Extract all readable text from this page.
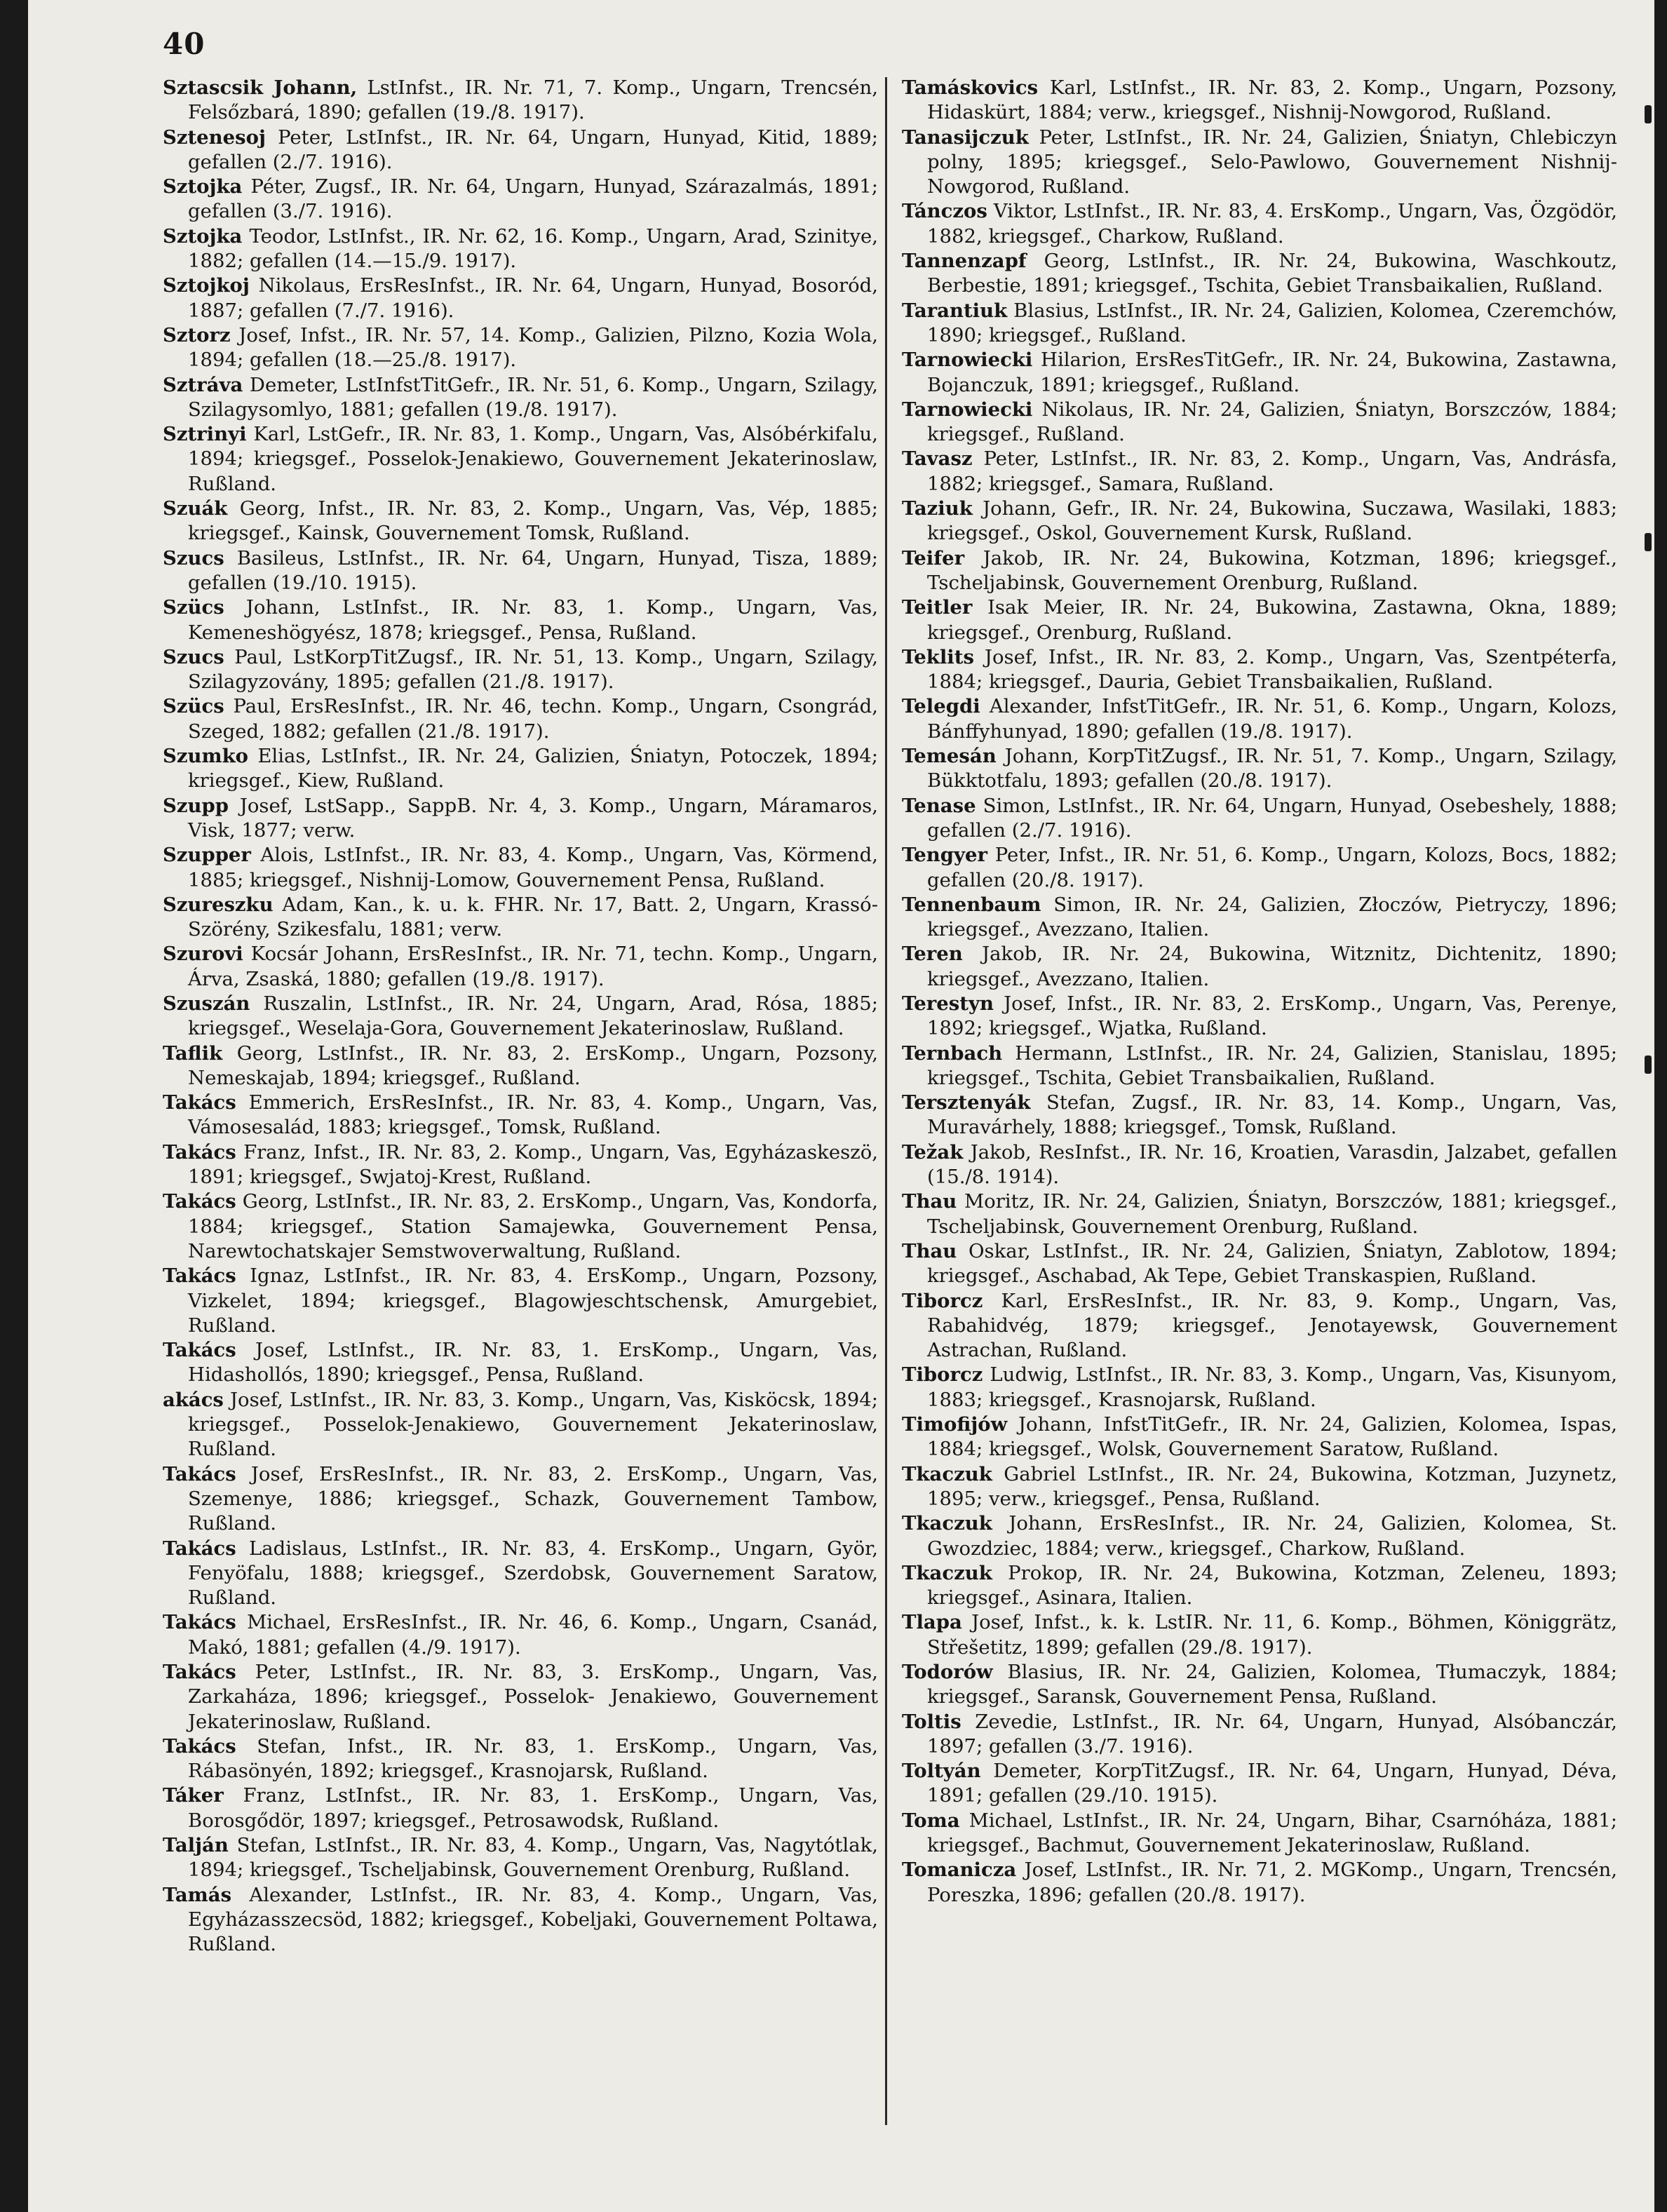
40

Sztascsik Johann, LstInfst., IR. Nr. 71, 7. Komp., Ungarn, Trencsén, Felsőzbará, 1890; gefallen (19./8. 1917).

Sztenesoj Peter, LstInfst., IR. Nr. 64, Ungarn, Hunyad, Kitid, 1889; gefallen (2./7. 1916).

Sztojka Péter, Zugsf., IR. Nr. 64, Ungarn, Hunyad, Szárazalmás, 1891; gefallen (3./7. 1916).

Sztojka Teodor, LstInfst., IR. Nr. 62, 16. Komp., Ungarn, Arad, Szinitye, 1882; gefallen (14.—15./9. 1917).

Sztojkoj Nikolaus, ErsResInfst., IR. Nr. 64, Ungarn, Hunyad, Bosoród, 1887; gefallen (7./7. 1916).

Sztorz Josef, Infst., IR. Nr. 57, 14. Komp., Galizien, Pilzno, Kozia Wola, 1894; gefallen (18.—25./8. 1917).

Sztráva Demeter, LstInfstTitGefr., IR. Nr. 51, 6. Komp., Ungarn, Szilagy, Szilagysomlyo, 1881; gefallen (19./8. 1917).

Sztrinyi Karl, LstGefr., IR. Nr. 83, 1. Komp., Ungarn, Vas, Alsóbérkifalu, 1894; kriegsgef., Posselok-Jenakiewo, Gouvernement Jekaterinoslaw, Rußland.

Szuák Georg, Infst., IR. Nr. 83, 2. Komp., Ungarn, Vas, Vép, 1885; kriegsgef., Kainsk, Gouvernement Tomsk, Rußland.

Szucs Basileus, LstInfst., IR. Nr. 64, Ungarn, Hunyad, Tisza, 1889; gefallen (19./10. 1915).

Szücs Johann, LstInfst., IR. Nr. 83, 1. Komp., Ungarn, Vas, Kemeneshögyész, 1878; kriegsgef., Pensa, Rußland.

Szucs Paul, LstKorpTitZugsf., IR. Nr. 51, 13. Komp., Ungarn, Szilagy, Szilagyzovány, 1895; gefallen (21./8. 1917).

Szücs Paul, ErsResInfst., IR. Nr. 46, techn. Komp., Ungarn, Csongrád, Szeged, 1882; gefallen (21./8. 1917).

Szumko Elias, LstInfst., IR. Nr. 24, Galizien, Śniatyn, Potoczek, 1894; kriegsgef., Kiew, Rußland.

Szupp Josef, LstSapp., SappB. Nr. 4, 3. Komp., Ungarn, Máramaros, Visk, 1877; verw.

Szupper Alois, LstInfst., IR. Nr. 83, 4. Komp., Ungarn, Vas, Körmend, 1885; kriegsgef., Nishnij-Lomow, Gouvernement Pensa, Rußland.

Szureszku Adam, Kan., k. u. k. FHR. Nr. 17, Batt. 2, Ungarn, Krassó-Szörény, Szikesfalu, 1881; verw.

Szurovi Kocsár Johann, ErsResInfst., IR. Nr. 71, techn. Komp., Ungarn, Árva, Zsaská, 1880; gefallen (19./8. 1917).

Szuszán Ruszalin, LstInfst., IR. Nr. 24, Ungarn, Arad, Rósa, 1885; kriegsgef., Weselaja-Gora, Gouvernement Jekaterinoslaw, Rußland.

Taflik Georg, LstInfst., IR. Nr. 83, 2. ErsKomp., Ungarn, Pozsony, Nemeskajab, 1894; kriegsgef., Rußland.

Takács Emmerich, ErsResInfst., IR. Nr. 83, 4. Komp., Ungarn, Vas, Vámosesalád, 1883; kriegsgef., Tomsk, Rußland.

Takács Franz, Infst., IR. Nr. 83, 2. Komp., Ungarn, Vas, Egyházaskeszö, 1891; kriegsgef., Swjatoj-Krest, Rußland.

Takács Georg, LstInfst., IR. Nr. 83, 2. ErsKomp., Ungarn, Vas, Kondorfa, 1884; kriegsgef., Station Samajewka, Gouvernement Pensa, Narewtochatskajer Semstwoverwaltung, Rußland.

Takács Ignaz, LstInfst., IR. Nr. 83, 4. ErsKomp., Ungarn, Pozsony, Vizkelet, 1894; kriegsgef., Blagowjeschtschensk, Amurgebiet, Rußland.

Takács Josef, LstInfst., IR. Nr. 83, 1. ErsKomp., Ungarn, Vas, Hidashollós, 1890; kriegsgef., Pensa, Rußland.

akács Josef, LstInfst., IR. Nr. 83, 3. Komp., Ungarn, Vas, Kisköcsk, 1894; kriegsgef., Posselok-Jenakiewo, Gouvernement Jekaterinoslaw, Rußland.

Takács Josef, ErsResInfst., IR. Nr. 83, 2. ErsKomp., Ungarn, Vas, Szemenye, 1886; kriegsgef., Schazk, Gouvernement Tambow, Rußland.

Takács Ladislaus, LstInfst., IR. Nr. 83, 4. ErsKomp., Ungarn, Györ, Fenyöfalu, 1888; kriegsgef., Szerdobsk, Gouvernement Saratow, Rußland.

Takács Michael, ErsResInfst., IR. Nr. 46, 6. Komp., Ungarn, Csanád, Makó, 1881; gefallen (4./9. 1917).

Takács Peter, LstInfst., IR. Nr. 83, 3. ErsKomp., Ungarn, Vas, Zarkaháza, 1896; kriegsgef., Posselok- Jenakiewo, Gouvernement Jekaterinoslaw, Rußland.

Takács Stefan, Infst., IR. Nr. 83, 1. ErsKomp., Ungarn, Vas, Rábasönyén, 1892; kriegsgef., Krasnojarsk, Rußland.

Táker Franz, LstInfst., IR. Nr. 83, 1. ErsKomp., Ungarn, Vas, Borosgődör, 1897; kriegsgef., Petrosawodsk, Rußland.

Talján Stefan, LstInfst., IR. Nr. 83, 4. Komp., Ungarn, Vas, Nagytótlak, 1894; kriegsgef., Tscheljabinsk, Gouvernement Orenburg, Rußland.

Tamás Alexander, LstInfst., IR. Nr. 83, 4. Komp., Ungarn, Vas, Egyházasszecsöd, 1882; kriegsgef., Kobeljaki, Gouvernement Poltawa, Rußland.

Tamáskovics Karl, LstInfst., IR. Nr. 83, 2. Komp., Ungarn, Pozsony, Hidaskürt, 1884; verw., kriegsgef., Nishnij-Nowgorod, Rußland.

Tanasijczuk Peter, LstInfst., IR. Nr. 24, Galizien, Śniatyn, Chlebiczyn polny, 1895; kriegsgef., Selo-Pawlowo, Gouvernement Nishnij-Nowgorod, Rußland.

Tánczos Viktor, LstInfst., IR. Nr. 83, 4. ErsKomp., Ungarn, Vas, Özgödör, 1882, kriegsgef., Charkow, Rußland.

Tannenzapf Georg, LstInfst., IR. Nr. 24, Bukowina, Waschkoutz, Berbestie, 1891; kriegsgef., Tschita, Gebiet Transbaikalien, Rußland.

Tarantiuk Blasius, LstInfst., IR. Nr. 24, Galizien, Kolomea, Czeremchów, 1890; kriegsgef., Rußland.

Tarnowiecki Hilarion, ErsResTitGefr., IR. Nr. 24, Bukowina, Zastawna, Bojanczuk, 1891; kriegsgef., Rußland.

Tarnowiecki Nikolaus, IR. Nr. 24, Galizien, Śniatyn, Borszczów, 1884; kriegsgef., Rußland.

Tavasz Peter, LstInfst., IR. Nr. 83, 2. Komp., Ungarn, Vas, Andrásfa, 1882; kriegsgef., Samara, Rußland.

Taziuk Johann, Gefr., IR. Nr. 24, Bukowina, Suczawa, Wasilaki, 1883; kriegsgef., Oskol, Gouvernement Kursk, Rußland.

Teifer Jakob, IR. Nr. 24, Bukowina, Kotzman, 1896; kriegsgef., Tscheljabinsk, Gouvernement Orenburg, Rußland.

Teitler Isak Meier, IR. Nr. 24, Bukowina, Zastawna, Okna, 1889; kriegsgef., Orenburg, Rußland.

Teklits Josef, Infst., IR. Nr. 83, 2. Komp., Ungarn, Vas, Szentpéterfa, 1884; kriegsgef., Dauria, Gebiet Transbaikalien, Rußland.

Telegdi Alexander, InfstTitGefr., IR. Nr. 51, 6. Komp., Ungarn, Kolozs, Bánffyhunyad, 1890; gefallen (19./8. 1917).

Temesán Johann, KorpTitZugsf., IR. Nr. 51, 7. Komp., Ungarn, Szilagy, Bükktotfalu, 1893; gefallen (20./8. 1917).

Tenase Simon, LstInfst., IR. Nr. 64, Ungarn, Hunyad, Osebeshely, 1888; gefallen (2./7. 1916).

Tengyer Peter, Infst., IR. Nr. 51, 6. Komp., Ungarn, Kolozs, Bocs, 1882; gefallen (20./8. 1917).

Tennenbaum Simon, IR. Nr. 24, Galizien, Złoczów, Pietryczy, 1896; kriegsgef., Avezzano, Italien.

Teren Jakob, IR. Nr. 24, Bukowina, Witznitz, Dichtenitz, 1890; kriegsgef., Avezzano, Italien.

Terestyn Josef, Infst., IR. Nr. 83, 2. ErsKomp., Ungarn, Vas, Perenye, 1892; kriegsgef., Wjatka, Rußland.

Ternbach Hermann, LstInfst., IR. Nr. 24, Galizien, Stanislau, 1895; kriegsgef., Tschita, Gebiet Transbaikalien, Rußland.

Tersztenyák Stefan, Zugsf., IR. Nr. 83, 14. Komp., Ungarn, Vas, Muravárhely, 1888; kriegsgef., Tomsk, Rußland.

Težak Jakob, ResInfst., IR. Nr. 16, Kroatien, Varasdin, Jalzabet, gefallen (15./8. 1914).

Thau Moritz, IR. Nr. 24, Galizien, Śniatyn, Borszczów, 1881; kriegsgef., Tscheljabinsk, Gouvernement Orenburg, Rußland.

Thau Oskar, LstInfst., IR. Nr. 24, Galizien, Śniatyn, Zablotow, 1894; kriegsgef., Aschabad, Ak Tepe, Gebiet Transkaspien, Rußland.

Tiborcz Karl, ErsResInfst., IR. Nr. 83, 9. Komp., Ungarn, Vas, Rabahidvég, 1879; kriegsgef., Jenotayewsk, Gouvernement Astrachan, Rußland.

Tiborcz Ludwig, LstInfst., IR. Nr. 83, 3. Komp., Ungarn, Vas, Kisunyom, 1883; kriegsgef., Krasnojarsk, Rußland.

Timofijów Johann, InfstTitGefr., IR. Nr. 24, Galizien, Kolomea, Ispas, 1884; kriegsgef., Wolsk, Gouvernement Saratow, Rußland.

Tkaczuk Gabriel LstInfst., IR. Nr. 24, Bukowina, Kotzman, Juzynetz, 1895; verw., kriegsgef., Pensa, Rußland.

Tkaczuk Johann, ErsResInfst., IR. Nr. 24, Galizien, Kolomea, St. Gwozdziec, 1884; verw., kriegsgef., Charkow, Rußland.

Tkaczuk Prokop, IR. Nr. 24, Bukowina, Kotzman, Zeleneu, 1893; kriegsgef., Asinara, Italien.

Tlapa Josef, Infst., k. k. LstIR. Nr. 11, 6. Komp., Böhmen, Königgrätz, Střešetitz, 1899; gefallen (29./8. 1917).

Todorów Blasius, IR. Nr. 24, Galizien, Kolomea, Tłumaczyk, 1884; kriegsgef., Saransk, Gouvernement Pensa, Rußland.

Toltis Zevedie, LstInfst., IR. Nr. 64, Ungarn, Hunyad, Alsóbanczár, 1897; gefallen (3./7. 1916).

Toltyán Demeter, KorpTitZugsf., IR. Nr. 64, Ungarn, Hunyad, Déva, 1891; gefallen (29./10. 1915).

Toma Michael, LstInfst., IR. Nr. 24, Ungarn, Bihar, Csarnóháza, 1881; kriegsgef., Bachmut, Gouvernement Jekaterinoslaw, Rußland.

Tomanicza Josef, LstInfst., IR. Nr. 71, 2. MGKomp., Ungarn, Trencsén, Poreszka, 1896; gefallen (20./8. 1917).
